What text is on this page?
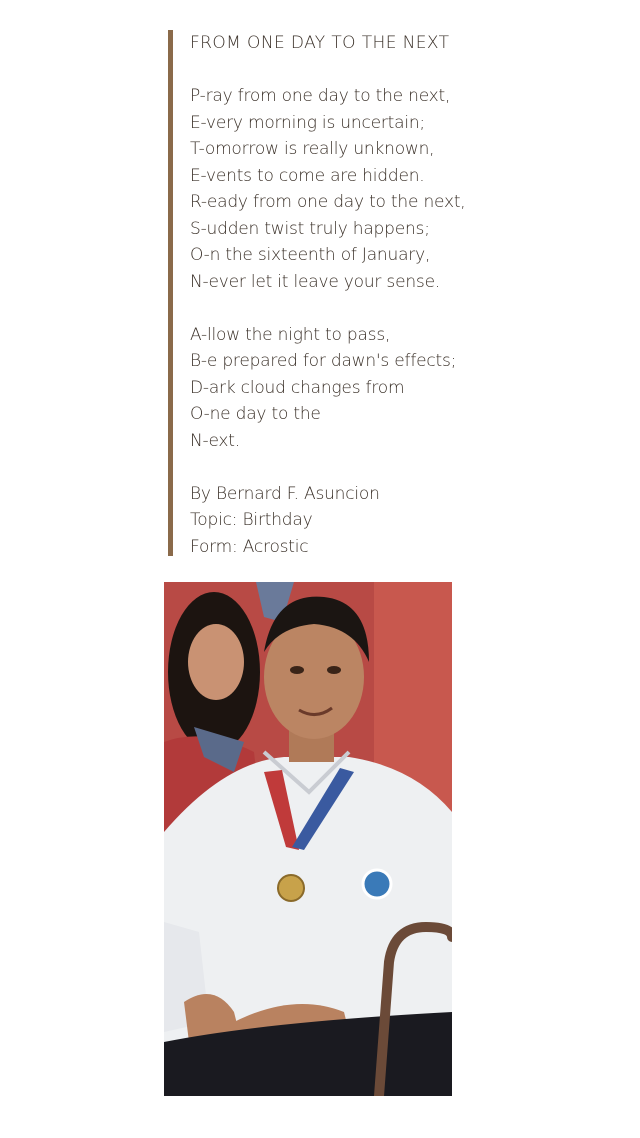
FROM ONE DAY TO THE NEXT
P-ray from one day to the next,
E-very morning is uncertain;
T-omorrow is really unknown,
E-vents to come are hidden.
R-eady from one day to the next,
S-udden twist truly happens;
O-n the sixteenth of January,
N-ever let it leave your sense.
A-llow the night to pass,
B-e prepared for dawn's effects;
D-ark cloud changes from
O-ne day to the
N-ext.
By Bernard F. Asuncion
Topic: Birthday
Form: Acrostic
